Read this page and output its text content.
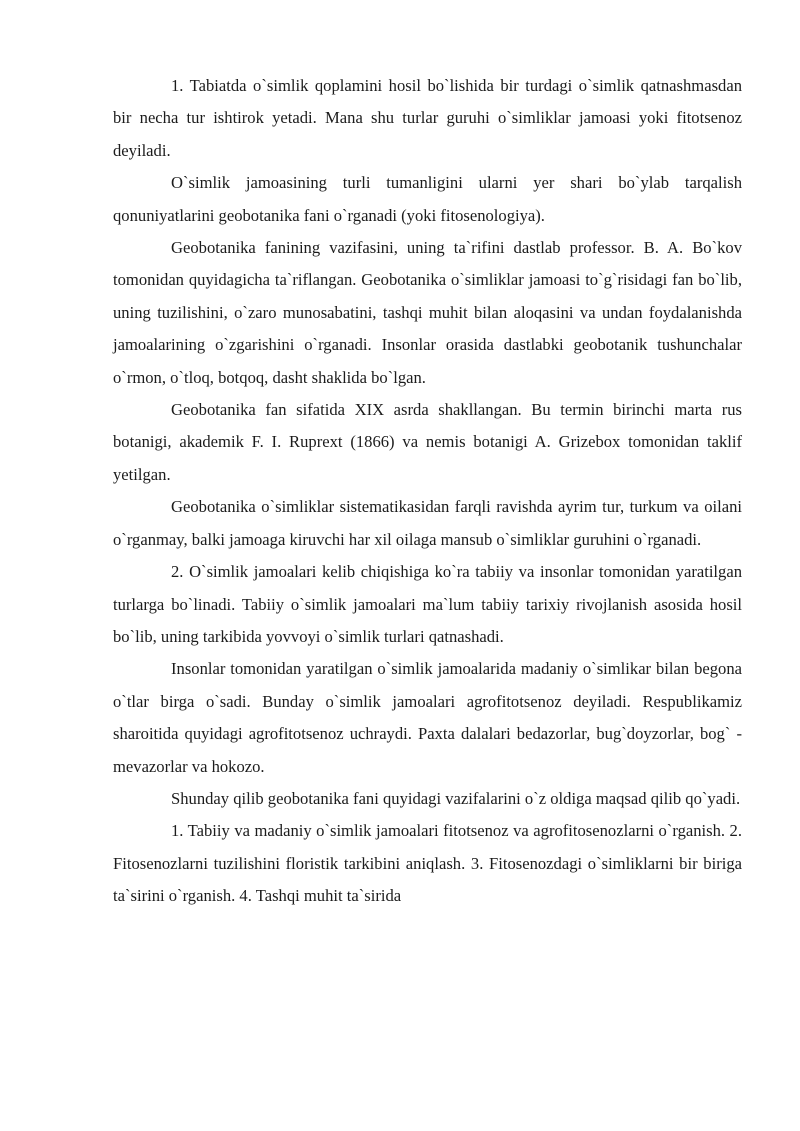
1. Tabiatda o`simlik qoplamini hosil bo`lishida bir turdagi o`simlik qatnashmasdan bir necha tur ishtirok yetadi. Mana shu turlar guruhi o`simliklar jamoasi yoki fitotsenoz deyiladi.

O`simlik jamoasining turli tumanligini ularni yer shari bo`ylab tarqalish qonuniyatlarini geobotanika fani o`rganadi (yoki fitosenologiya).

Geobotanika fanining vazifasini, uning ta`rifini dastlab professor. B. A. Bo`kov tomonidan quyidagicha ta`riflangan. Geobotanika o`simliklar jamoasi to`g`risidagi fan bo`lib, uning tuzilishini, o`zaro munosabatini, tashqi muhit bilan aloqasini va undan foydalanishda jamoalarining o`zgarishini o`rganadi. Insonlar orasida dastlabki geobotanik tushunchalar o`rmon, o`tloq, botqoq, dasht shaklida bo`lgan.

Geobotanika fan sifatida XIX asrda shakllangan. Bu termin birinchi marta rus botanigi, akademik F. I. Ruprext (1866) va nemis botanigi A. Grizebox tomonidan taklif yetilgan.

Geobotanika o`simliklar sistematikasidan farqli ravishda ayrim tur, turkum va oilani o`rganmay, balki jamoaga kiruvchi har xil oilaga mansub o`simliklar guruhini o`rganadi.

2. O`simlik jamoalari kelib chiqishiga ko`ra tabiiy va insonlar tomonidan yaratilgan turlarga bo`linadi. Tabiiy o`simlik jamoalari ma`lum tabiiy tarixiy rivojlanish asosida hosil bo`lib, uning tarkibida yovvoyi o`simlik turlari qatnashadi.

Insonlar tomonidan yaratilgan o`simlik jamoalarida madaniy o`simlikar bilan begona o`tlar birga o`sadi. Bunday o`simlik jamoalari agrofitotsenoz deyiladi. Respublikamiz sharoitida quyidagi agrofitotsenoz uchraydi. Paxta dalalari bedazorlar, bug`doyzorlar, bog` - mevazorlar va hokozo.

Shunday qilib geobotanika fani quyidagi vazifalarini o`z oldiga maqsad qilib qo`yadi.

1. Tabiiy va madaniy o`simlik jamoalari fitotsenoz va agrofitosenozlarni o`rganish. 2. Fitosenozlarni tuzilishini floristik tarkibini aniqlash. 3. Fitosenozdagi o`simliklarni bir biriga ta`sirini o`rganish. 4. Tashqi muhit ta`sirida
